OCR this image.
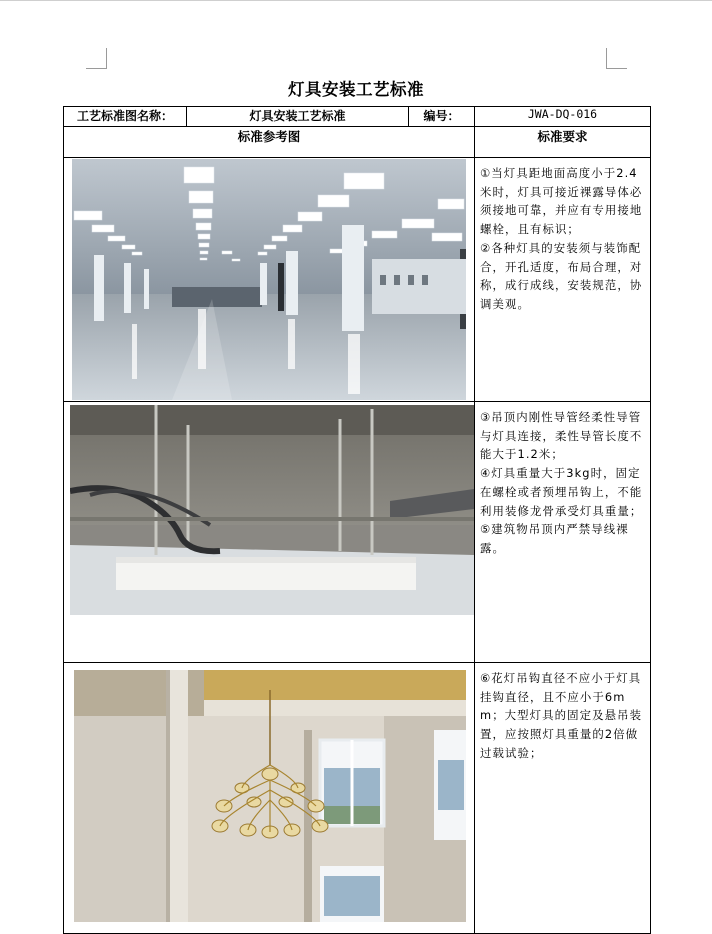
灯具安装工艺标准
工艺标准图名称：	灯具安装工艺标准	编号：	JWA-DQ-016
标准参考图			标准要求

①当灯具距地面高度小于2.4米时，灯具可接近裸露导体必须接地可靠，并应有专用接地螺栓，且有标识；

②各种灯具的安装须与装饰配合，开孔适度，布局合理，对称，成行成线，安装规范，协调美观。

③吊顶内刚性导管经柔性导管与灯具连接，柔性导管长度不能大于1.2米；

④灯具重量大于3kg时，固定在螺栓或者预埋吊钩上，不能利用装修龙骨承受灯具重量；

⑤建筑物吊顶内严禁导线裸露。

⑥花灯吊钩直径不应小于灯具挂钩直径，且不应小于6mm；大型灯具的固定及悬吊装置，应按照灯具重量的2倍做过载试验；
